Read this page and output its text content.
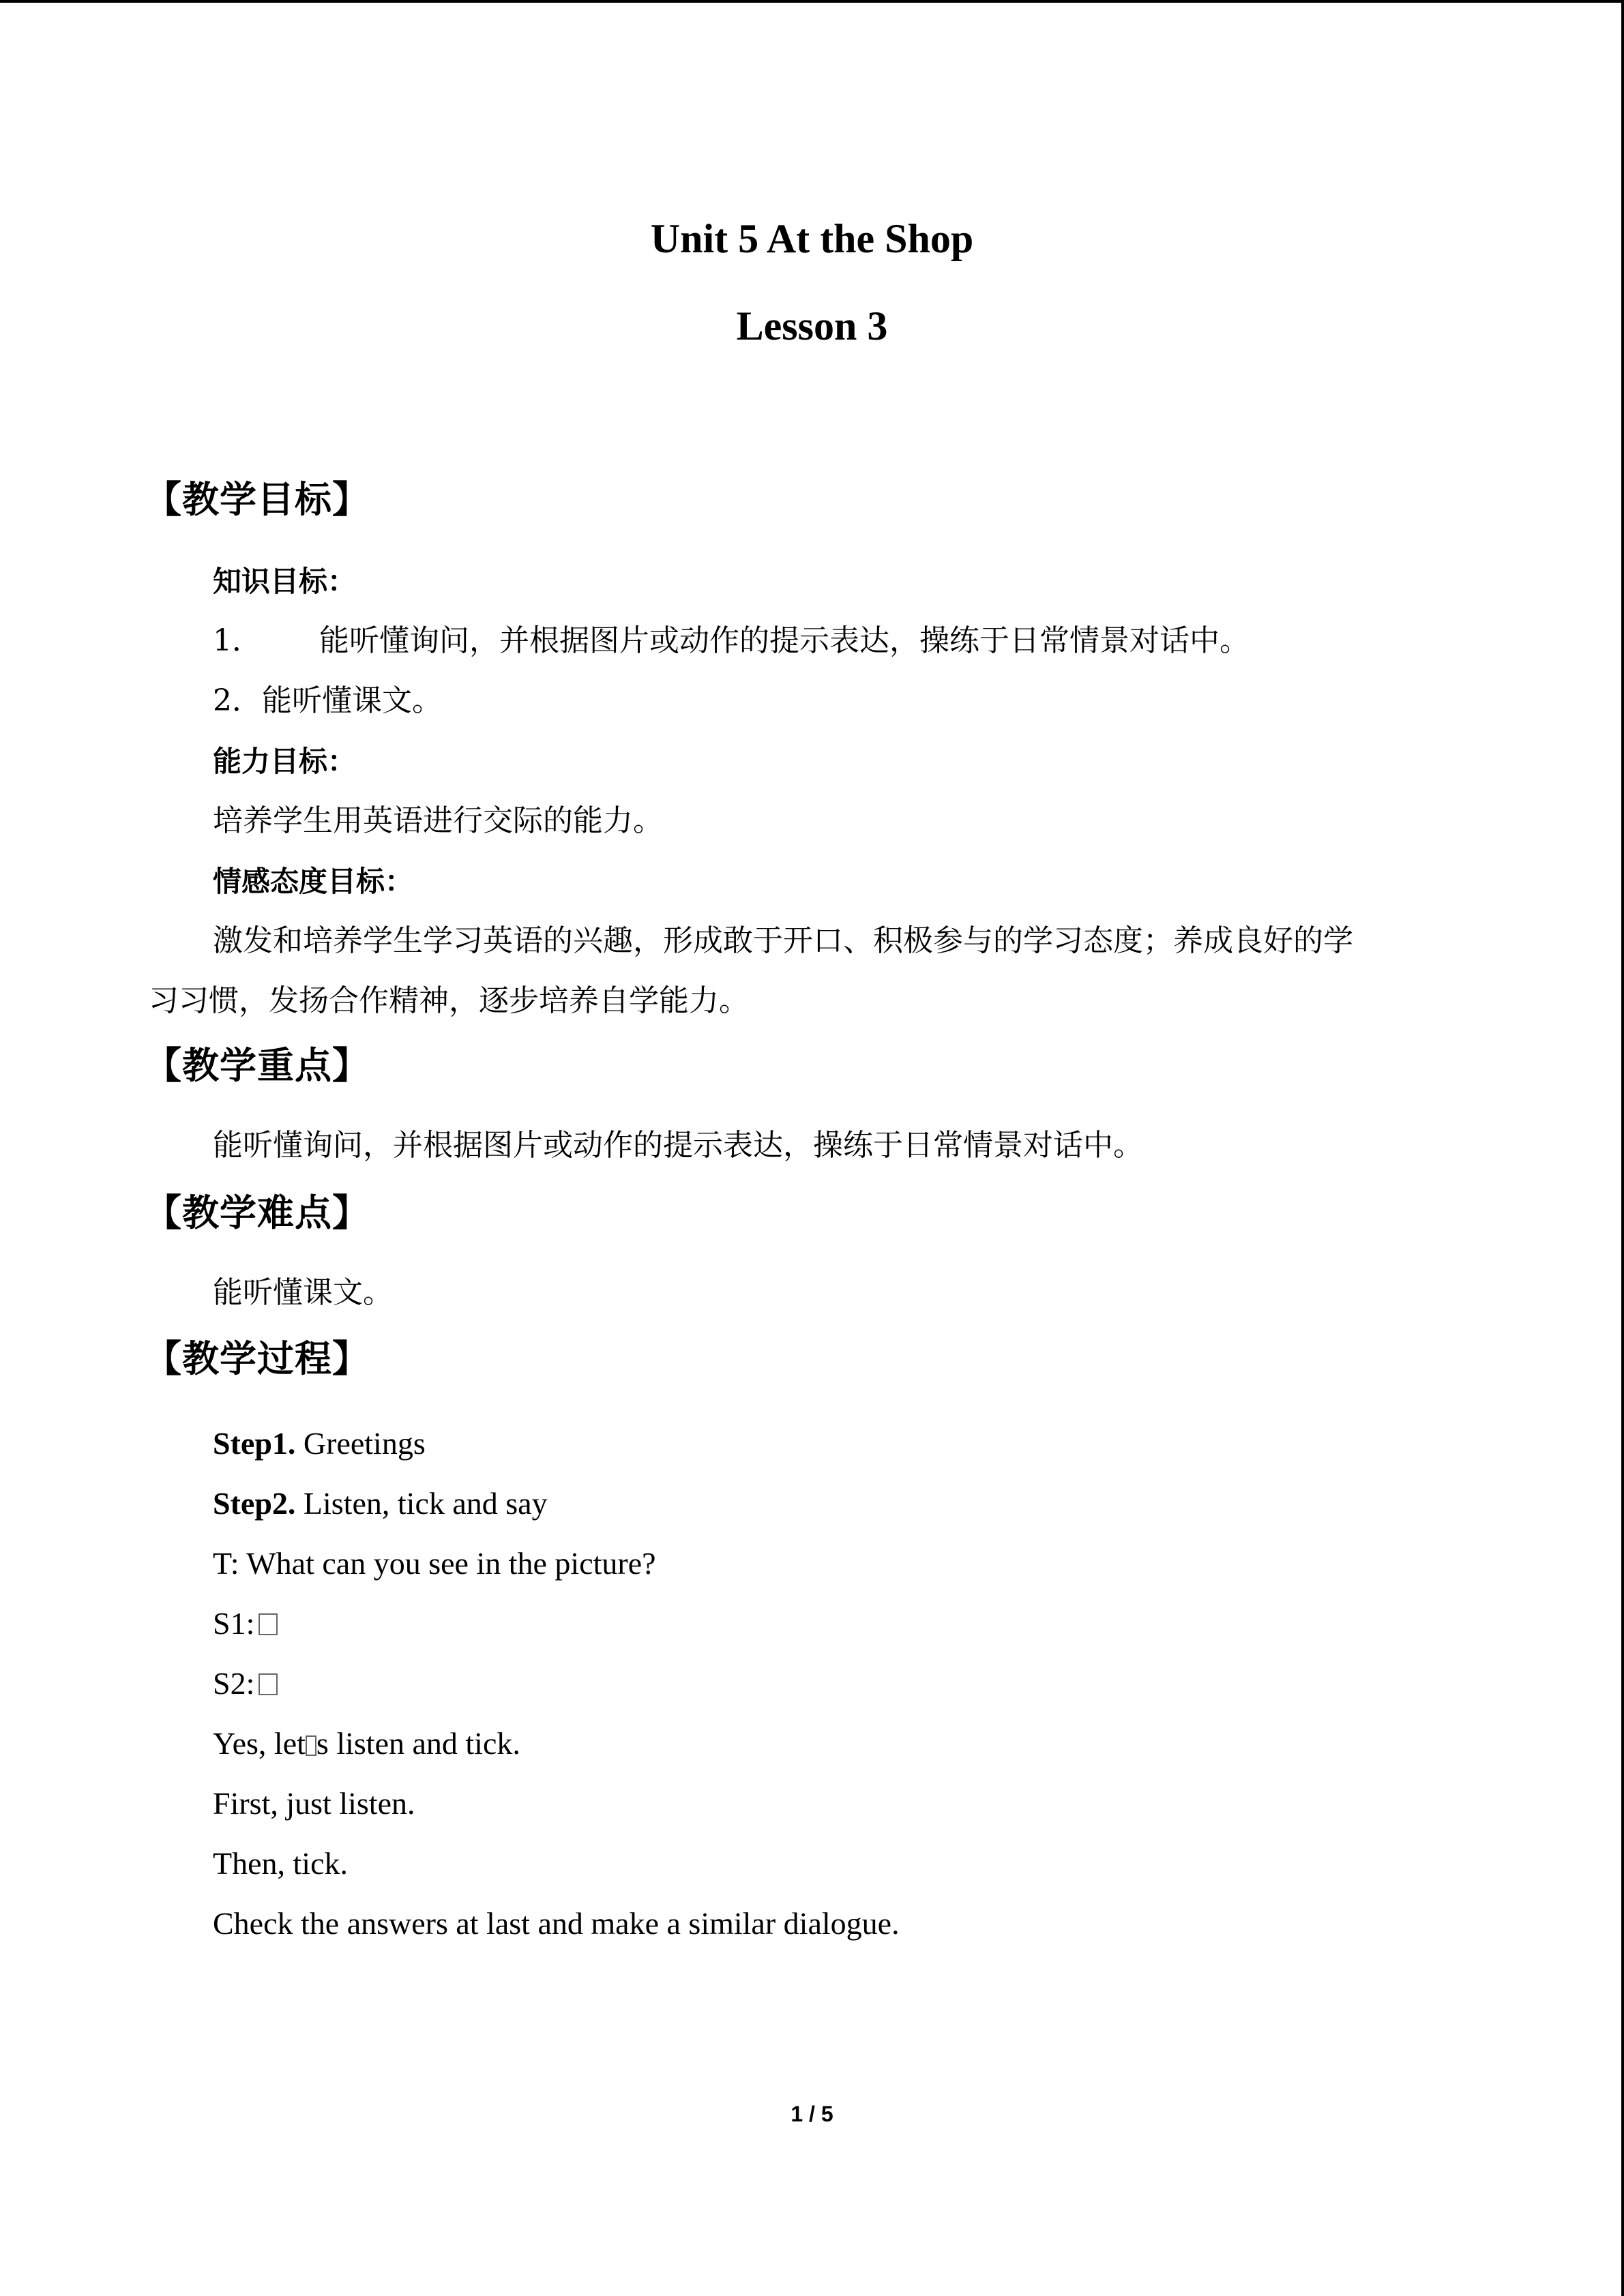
Unit 5 At the Shop
Lesson 3
【教学目标】
知识目标：
1． 能听懂询问，并根据图片或动作的提示表达，操练于日常情景对话中。
2．能听懂课文。
能力目标：
培养学生用英语进行交际的能力。
情感态度目标：
激发和培养学生学习英语的兴趣，形成敢于开口、积极参与的学习态度；养成良好的学
习习惯，发扬合作精神，逐步培养自学能力。
【教学重点】
能听懂询问，并根据图片或动作的提示表达，操练于日常情景对话中。
【教学难点】
能听懂课文。
【教学过程】
Step1. Greetings
Step2. Listen, tick and say
T: What can you see in the picture?
S1:
S2:
Yes, let s listen and tick.
First, just listen.
Then, tick.
Check the answers at last and make a similar dialogue.
1 / 5
